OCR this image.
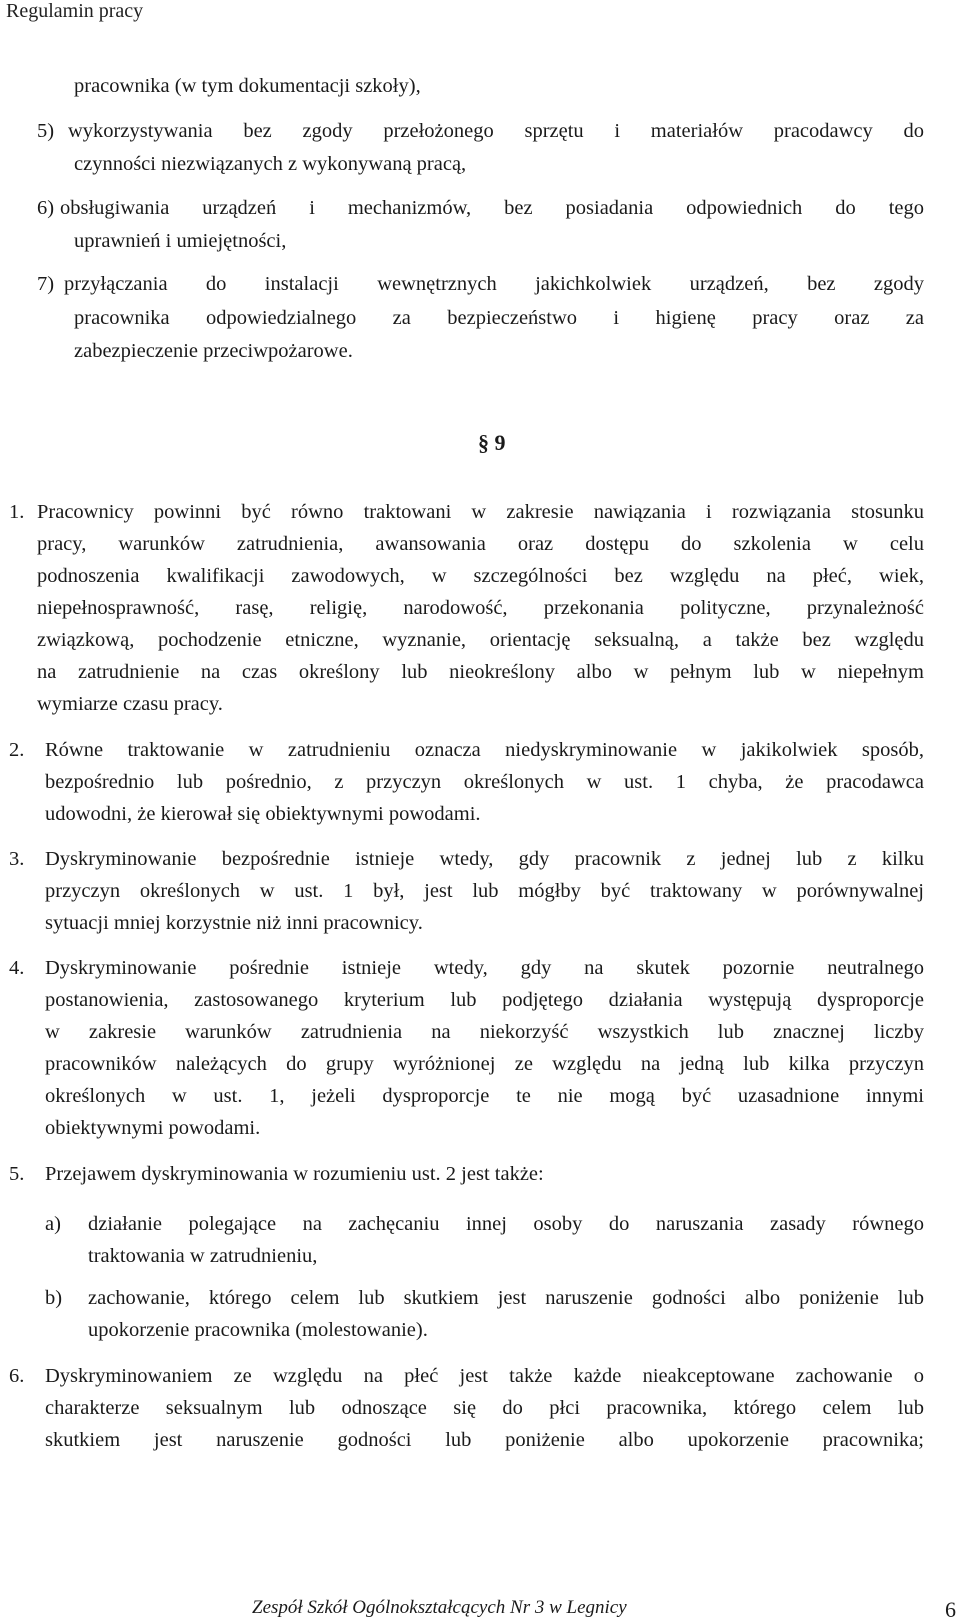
Regulamin pracy
pracownika (w tym dokumentacji szkoły),
5) wykorzystywania bez zgody przełożonego sprzętu i materiałów pracodawcy do
czynności niezwiązanych z wykonywaną pracą,
6) obsługiwania urządzeń i mechanizmów, bez posiadania odpowiednich do tego
uprawnień i umiejętności,
7) przyłączania do instalacji wewnętrznych jakichkolwiek urządzeń, bez zgody
pracownika odpowiedzialnego za bezpieczeństwo i higienę pracy oraz za
zabezpieczenie przeciwpożarowe.
§ 9
1. Pracownicy powinni być równo traktowani w zakresie nawiązania i rozwiązania stosunku
pracy, warunków zatrudnienia, awansowania oraz dostępu do szkolenia w celu
podnoszenia kwalifikacji zawodowych, w szczególności bez względu na płeć, wiek,
niepełnosprawność, rasę, religię, narodowość, przekonania polityczne, przynależność
związkową, pochodzenie etniczne, wyznanie, orientację seksualną, a także bez względu
na zatrudnienie na czas określony lub nieokreślony albo w pełnym lub w niepełnym
wymiarze czasu pracy.
2. Równe traktowanie w zatrudnieniu oznacza niedyskryminowanie w jakikolwiek sposób,
bezpośrednio lub pośrednio, z przyczyn określonych w ust. 1 chyba, że pracodawca
udowodni, że kierował się obiektywnymi powodami.
3. Dyskryminowanie bezpośrednie istnieje wtedy, gdy pracownik z jednej lub z kilku
przyczyn określonych w ust. 1 był, jest lub mógłby być traktowany w porównywalnej
sytuacji mniej korzystnie niż inni pracownicy.
4. Dyskryminowanie pośrednie istnieje wtedy, gdy na skutek pozornie neutralnego
postanowienia, zastosowanego kryterium lub podjętego działania występują dysproporcje
w zakresie warunków zatrudnienia na niekorzyść wszystkich lub znacznej liczby
pracowników należących do grupy wyróżnionej ze względu na jedną lub kilka przyczyn
określonych w ust. 1, jeżeli dysproporcje te nie mogą być uzasadnione innymi
obiektywnymi powodami.
5. Przejawem dyskryminowania w rozumieniu ust. 2 jest także:
a) działanie polegające na zachęcaniu innej osoby do naruszania zasady równego
traktowania w zatrudnieniu,
b) zachowanie, którego celem lub skutkiem jest naruszenie godności albo poniżenie lub
upokorzenie pracownika (molestowanie).
6. Dyskryminowaniem ze względu na płeć jest także każde nieakceptowane zachowanie o
charakterze seksualnym lub odnoszące się do płci pracownika, którego celem lub
skutkiem jest naruszenie godności lub poniżenie albo upokorzenie pracownika;
Zespół Szkół Ogólnokształcących Nr 3 w Legnicy	6
